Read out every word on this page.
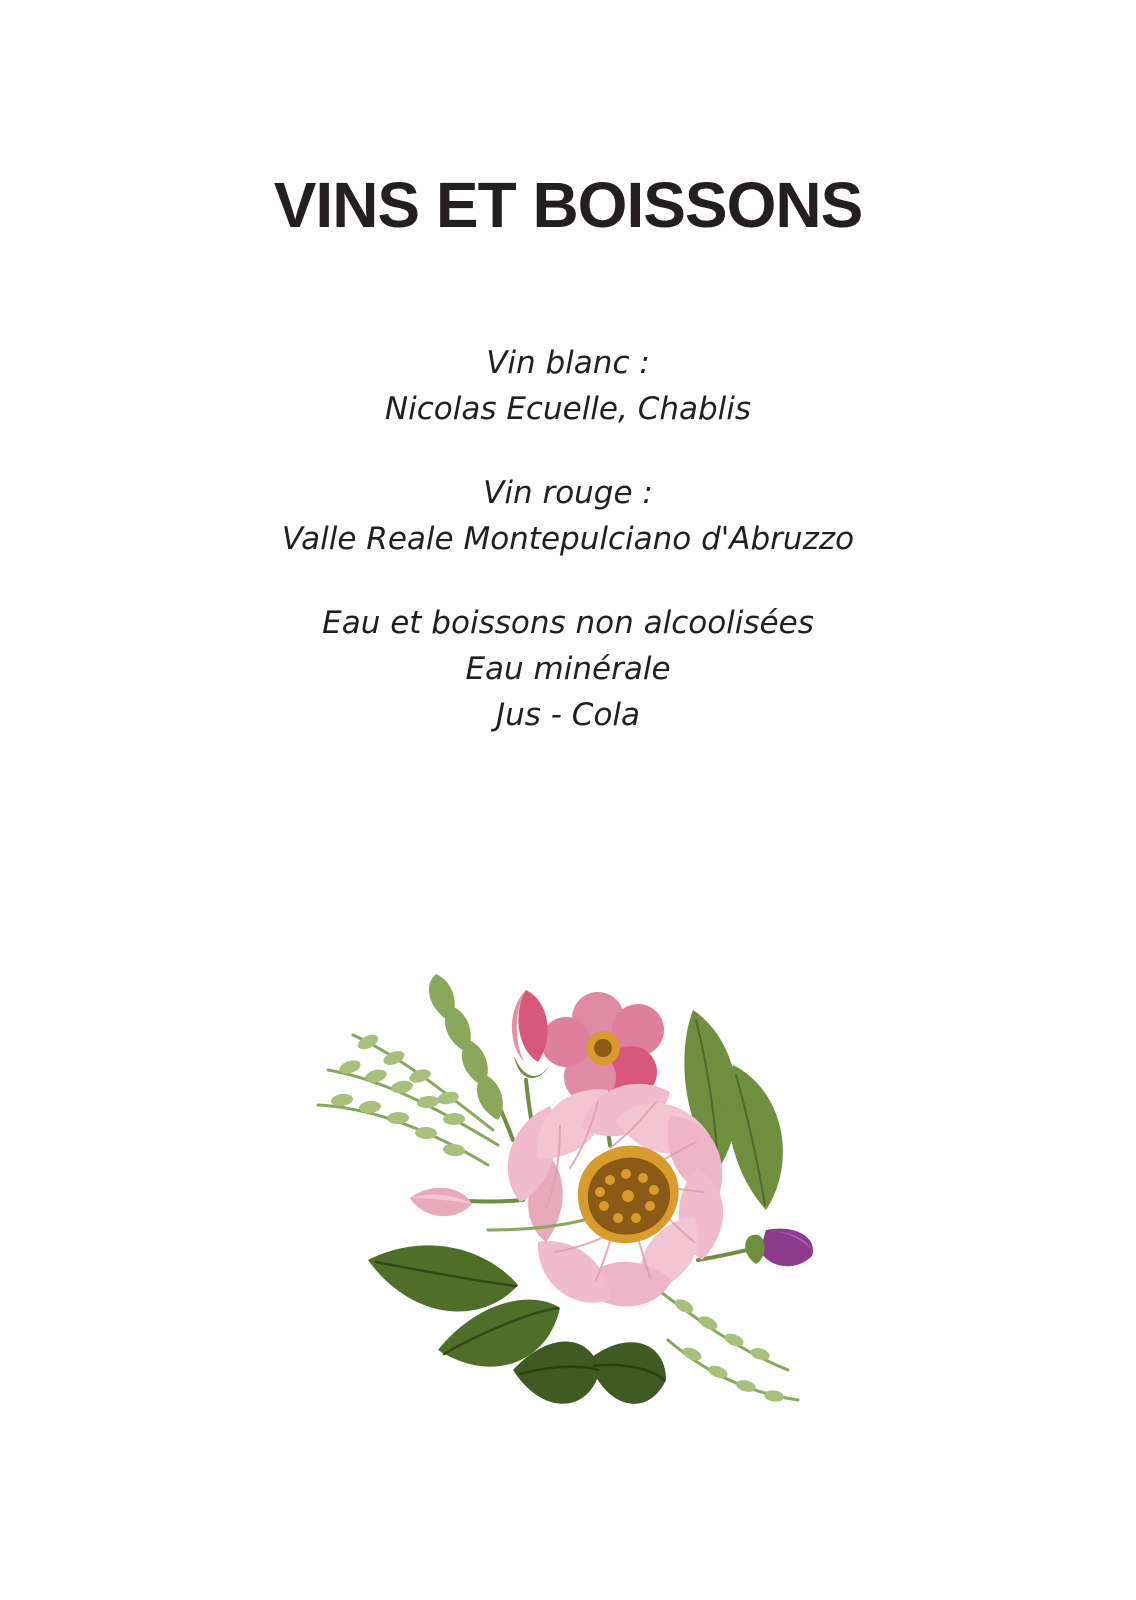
VINS ET BOISSONS
Vin blanc :
Nicolas Ecuelle, Chablis
Vin rouge :
Valle Reale Montepulciano d'Abruzzo
Eau et boissons non alcoolisées
Eau minérale
Jus - Cola
